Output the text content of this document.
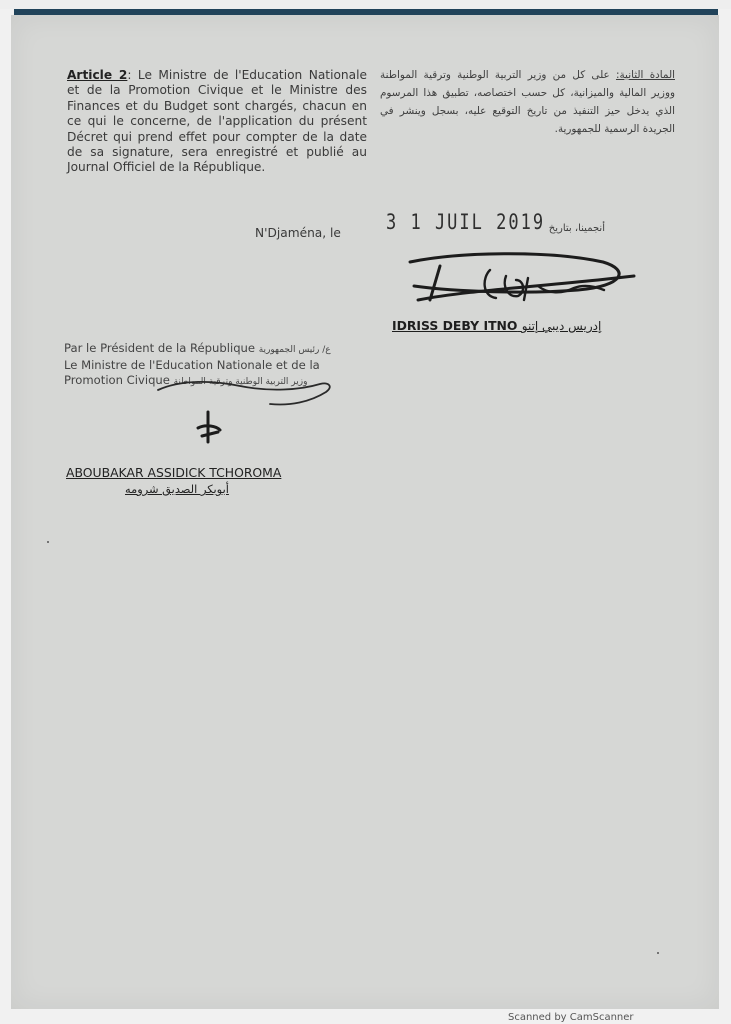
Article 2: Le Ministre de l'Education Nationale et de la Promotion Civique et le Ministre des Finances et du Budget sont chargés, chacun en ce qui le concerne, de l'application du présent Décret qui prend effet pour compter de la date de sa signature, sera enregistré et publié au Journal Officiel de la République.

المادة الثانية: على كل من وزير التربية الوطنية وترقية المواطنة ووزير المالية والميزانية، كل حسب اختصاصه، تطبيق هذا المرسوم الذي يدخل حيز التنفيذ من تاريخ التوقيع عليه، بسجل وينشر في الجريدة الرسمية للجمهورية.

N'Djaména, le	3 1 JUIL 2019 أنجمينا، بتاريخ
IDRISS DEBY ITNO إدريس ديبي إتنو
Par le Président de la République ع/ رئيس الجمهورية
Le Ministre de l'Education Nationale et de la
Promotion Civique وزير التربية الوطنية وترقية المواطنة

ABOUBAKAR ASSIDICK TCHOROMA

أبوبكر الصديق شرومه

Scanned by CamScanner
